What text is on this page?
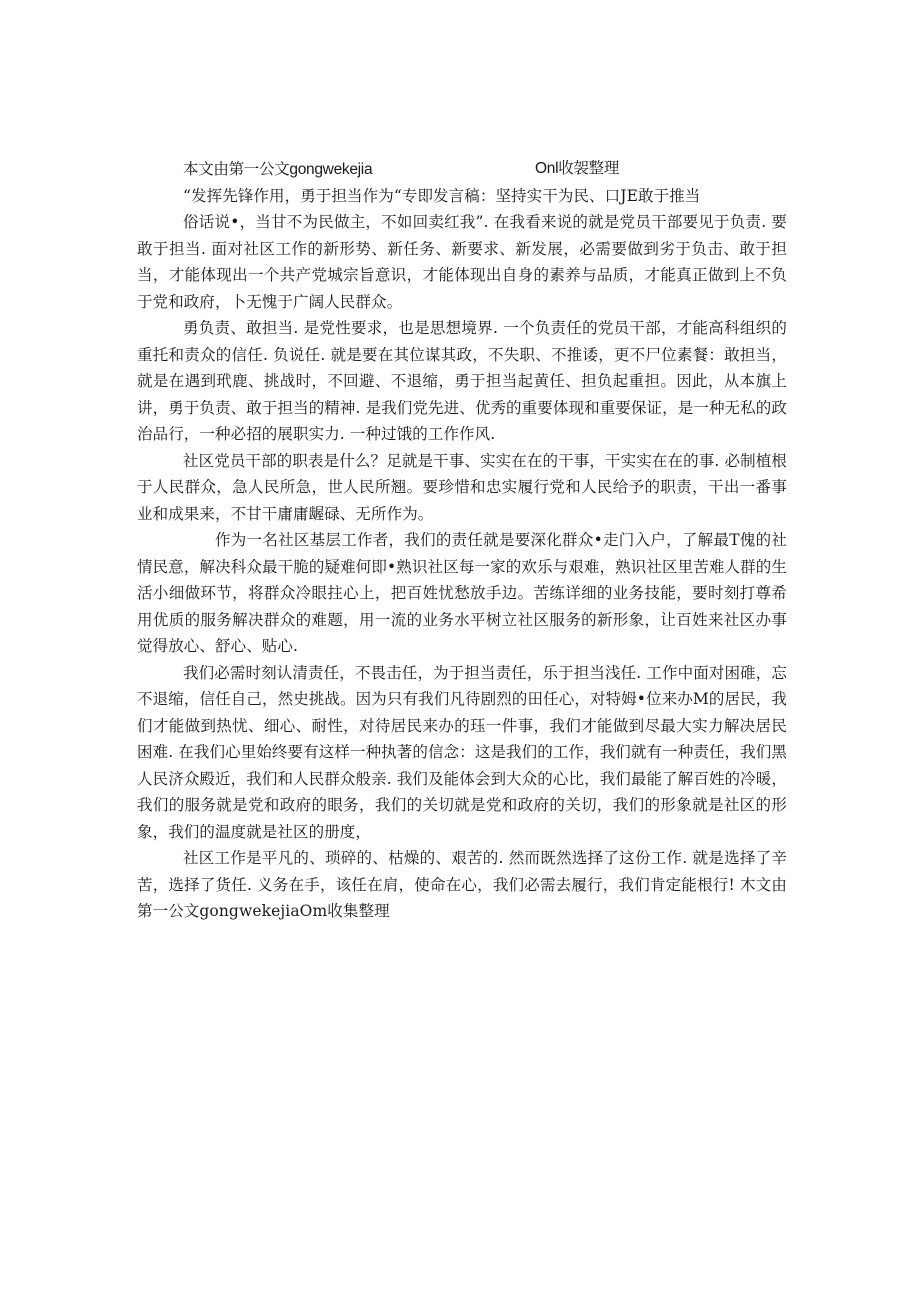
本文由第一公文gongwekejia	Onl收袈整理
“发挥先锋作用，勇于担当作为“专即发言稿：坚持实干为民、口JE敢于推当

俗话说•，当甘不为民做主，不如回卖红我”. 在我看来说的就是党员干部要见于负责. 要敢于担当. 面对社区工作的新形势、新任务、新要求、新发展，必需要做到劣于负击、敢于担当，才能体现出一个共产党城宗旨意识，才能体现出自身的素养与品质，才能真正做到上不负于党和政府，卜无愧于广阔人民群众。

勇负责、敢担当. 是党性要求，也是思想境界. 一个负责任的党员干部，才能高科组织的重托和责众的信任. 负说任. 就是要在其位谋其政，不失职、不推诿，更不尸位素餐：敢担当，就是在遇到玳鹿、挑战时，不回避、不退缩，勇于担当起黄任、担负起重担。因此，从本旗上讲，勇于负责、敢于担当的精神. 是我们党先进、优秀的重要体现和重要保证，是一种无私的政治品行，一种必招的展职实力. 一种过饿的工作作风.

社区党员干部的职表是什么？足就是干事、实实在在的干事，干实实在在的事. 必制植根于人民群众，急人民所急，世人民所翘。要珍惜和忠实履行党和人民给予的职责，干出一番事业和成果来，不甘干庸庸龌碌、无所作为。

作为一名社区基层工作者，我们的责任就是要深化群众•走门入户，了解最T傀的社情民意，解决科众最干脆的疑难何即•熟识社区每一家的欢乐与艰难，熟识社区里苦难人群的生活小细做环节，将群众冷眼拄心上，把百姓忧愁放手边。苦练详细的业务技能，要时刻打尊希用优质的服务解决群众的难题，用一流的业务水平树立社区服务的新形象，让百姓来社区办事觉得放心、舒心、贴心.

我们必需时刻认清责任，不畏击任，为于担当责任，乐于担当浅任. 工作中面对困碓，忘不退缩，信任自己，然史挑战。因为只有我们凡待剧烈的田任心，对特姆•位来办M的居民，我们才能做到热忧、细心、耐性，对待居民来办的珏一件事，我们才能做到尽最大实力解决居民困难. 在我们心里始终要有这样一种执著的信念：这是我们的工作，我们就有一种责任，我们黑人民济众殿近，我们和人民群众般亲. 我们及能体会到大众的心比，我们最能了解百姓的冷暖，我们的服务就是党和政府的眼务，我们的关切就是党和政府的关切，我们的形象就是社区的形象，我们的温度就是社区的册度，

社区工作是平凡的、琐碎的、枯燥的、艰苦的. 然而既然选择了这份工作. 就是选择了辛苦，选择了货任. 义务在手，该任在肩，使命在心，我们必需去履行，我们肯定能根行! 木文由第一公文gongwekejiaOm收集整理
